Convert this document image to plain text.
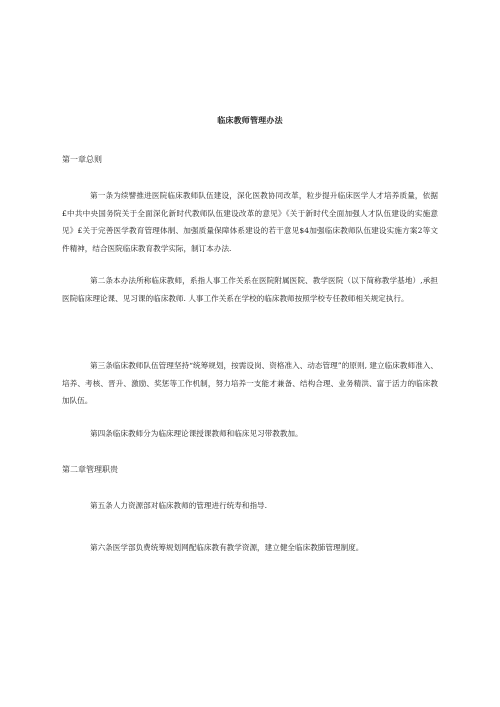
临床教师管理办法

第一章总则

第一条为续譬推进医院临床教师队伍建设，深化医教协同改革，粒步提升临床医学人才培养质量，依据£中共中央国务院关于全面深化新时代教师队伍建设改革的意见》《关于新时代全面加强人才队伍建设的实施意见》£关于完善医学教育管理体制、加强质量保障体系建设的若干意见$4加强临床教师队伍建设实施方案2等文件精神，结合医院临床教育教学实际，制订本办法.

第二条本办法所称临床教师，系指人事工作关系在医院附属医院、教学医院（以下简称教学基地）,承担医院临床理论课、见习课的临床教师. 人事工作关系在学校的临床教师按照学校专任教师相关规定执行。

第三条临床教师队伍管理坚持“统筹规划，按需设岗、资格准入、动态管理”的原则, 建立临床教师准入、培养、考核、晋升、激励、奖惩等工作机制，努力培养一支能才兼备、结构合理、业务精洪、富于活力的临床教加队伍。

第四条临床教师分为临床理论课授课教师和临床见习带教教加。

第二章管理职贵

第五条人力资源部对临床教师的管理进行统寿和指导.

第六条医学部负费统筹规划网配临床教有教学资源，建立健全临床教肺管理制度。
